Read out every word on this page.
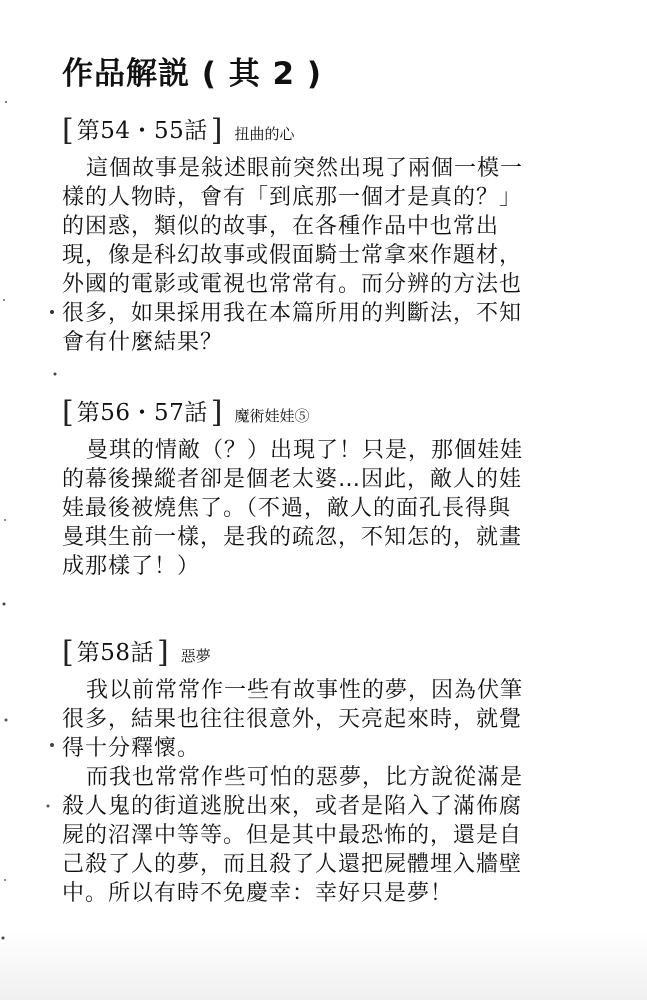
作品解説 ( 其 2 )
[ 第54・55話 ] 扭曲的心

這個故事是敍述眼前突然出現了兩個一模一樣的人物時，會有「到底那一個才是真的？」的困惑，類似的故事，在各種作品中也常出現，像是科幻故事或假面騎士常拿來作題材，外國的電影或電視也常常有。而分辨的方法也很多，如果採用我在本篇所用的判斷法，不知會有什麼結果？

[ 第56・57話 ] 魔術娃娃⑤

曼琪的情敵（？）出現了！只是，那個娃娃的幕後操縱者卻是個老太婆…因此，敵人的娃娃最後被燒焦了。（不過，敵人的面孔長得與曼琪生前一樣，是我的疏忽，不知怎的，就畫成那樣了！）

[ 第58話 ] 惡夢

我以前常常作一些有故事性的夢，因為伏筆很多，結果也往往很意外，天亮起來時，就覺得十分釋懷。

而我也常常作些可怕的惡夢，比方說從滿是殺人鬼的街道逃脫出來，或者是陷入了滿佈腐屍的沼澤中等等。但是其中最恐怖的，還是自己殺了人的夢，而且殺了人還把屍體埋入牆壁中。所以有時不免慶幸：幸好只是夢！
